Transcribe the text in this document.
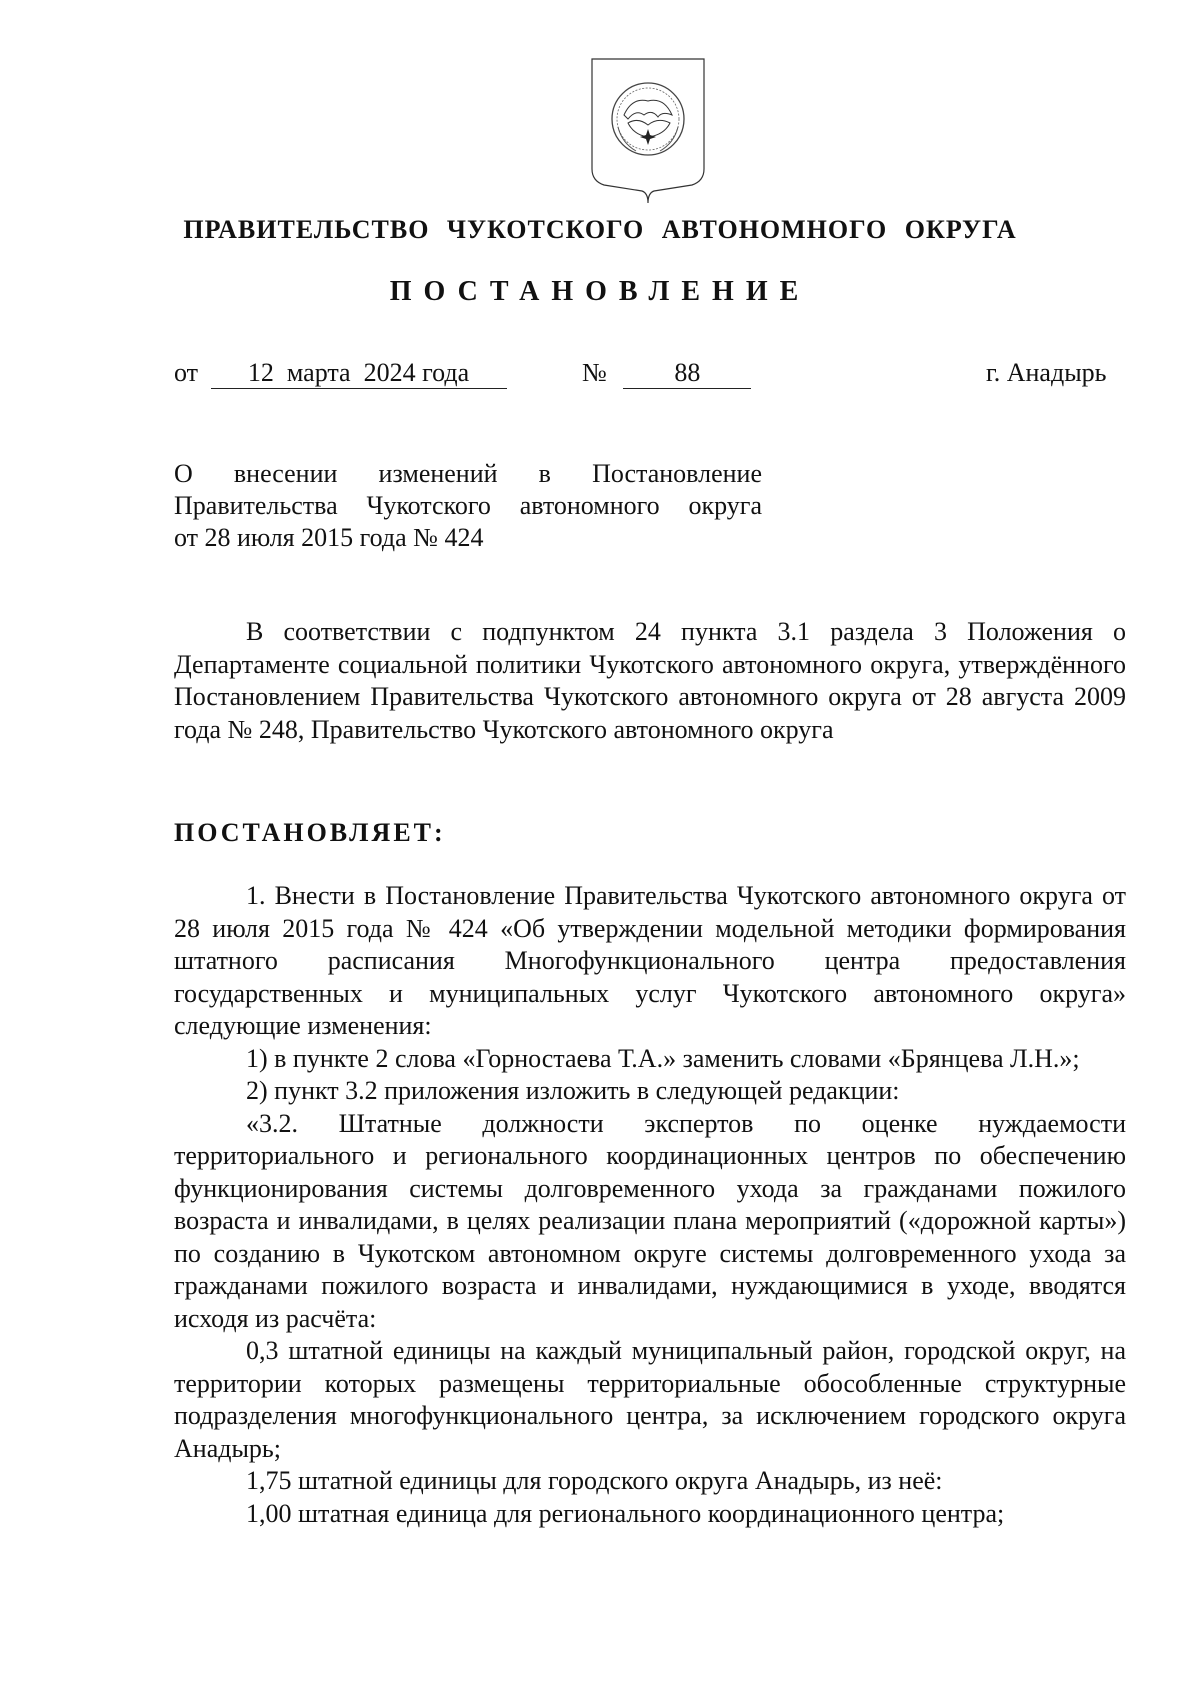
ПРАВИТЕЛЬСТВО ЧУКОТСКОГО АВТОНОМНОГО ОКРУГА
ПОСТАНОВЛЕНИЕ
от 12  марта  2024 года	№	88	г. Анадырь
О внесении изменений в Постановление
Правительства Чукотского автономного округа
от 28 июля 2015 года № 424

В соответствии с подпунктом 24 пункта 3.1 раздела 3 Положения о Департаменте социальной политики Чукотского автономного округа, утверждённого Постановлением Правительства Чукотского автономного округа от 28 августа 2009 года № 248, Правительство Чукотского автономного округа

ПОСТАНОВЛЯЕТ:

1. Внести в Постановление Правительства Чукотского автономного округа от 28 июля 2015 года № 424 «Об утверждении модельной методики формирования штатного расписания Многофункционального центра предоставления государственных и муниципальных услуг Чукотского автономного округа» следующие изменения:

1) в пункте 2 слова «Горностаева Т.А.» заменить словами «Брянцева Л.Н.»;

2) пункт 3.2 приложения изложить в следующей редакции:

«3.2. Штатные должности экспертов по оценке нуждаемости территориального и регионального координационных центров по обеспечению функционирования системы долговременного ухода за гражданами пожилого возраста и инвалидами, в целях реализации плана мероприятий («дорожной карты») по созданию в Чукотском автономном округе системы долговременного ухода за гражданами пожилого возраста и инвалидами, нуждающимися в уходе, вводятся исходя из расчёта:

0,3 штатной единицы на каждый муниципальный район, городской округ, на территории которых размещены территориальные обособленные структурные подразделения многофункционального центра, за исключением городского округа Анадырь;

1,75 штатной единицы для городского округа Анадырь, из неё:

1,00 штатная единица для регионального координационного центра;
